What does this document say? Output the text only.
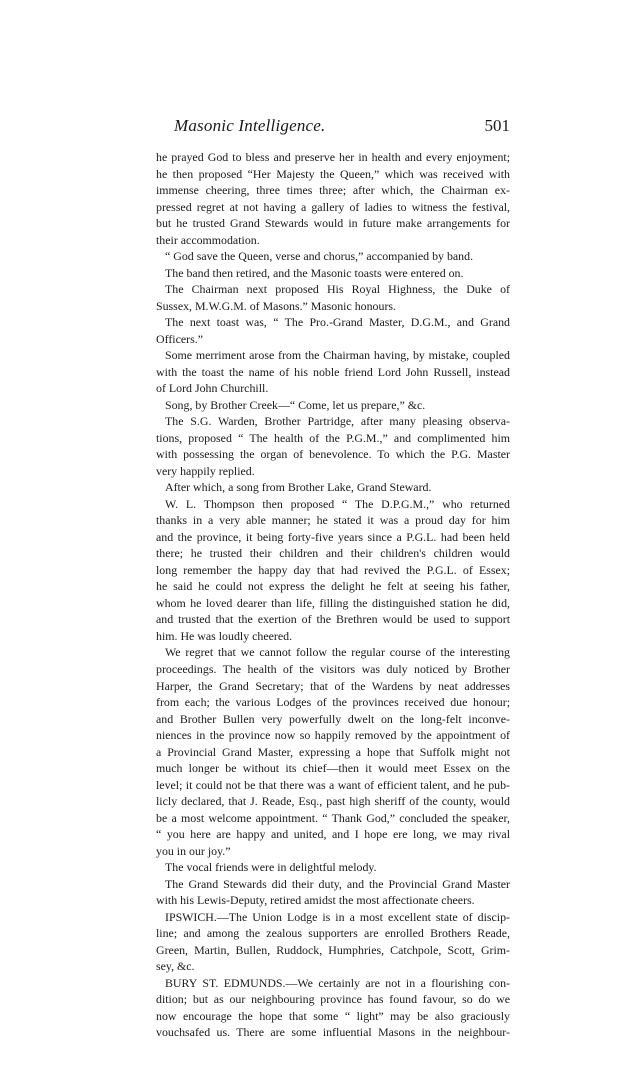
Masonic Intelligence.	501
he prayed God to bless and preserve her in health and every enjoyment;
he then proposed “Her Majesty the Queen,” which was received with
immense cheering, three times three; after which, the Chairman ex-
pressed regret at not having a gallery of ladies to witness the festival,
but he trusted Grand Stewards would in future make arrangements for
their accommodation.
“ God save the Queen, verse and chorus,” accompanied by band.
The band then retired, and the Masonic toasts were entered on.
The Chairman next proposed His Royal Highness, the Duke of
Sussex, M.W.G.M. of Masons.” Masonic honours.
The next toast was, “ The Pro.-Grand Master, D.G.M., and Grand
Officers.”
Some merriment arose from the Chairman having, by mistake, coupled
with the toast the name of his noble friend Lord John Russell, instead
of Lord John Churchill.
Song, by Brother Creek—“ Come, let us prepare,” &c.
The S.G. Warden, Brother Partridge, after many pleasing observa-
tions, proposed “ The health of the P.G.M.,” and complimented him
with possessing the organ of benevolence. To which the P.G. Master
very happily replied.
After which, a song from Brother Lake, Grand Steward.
W. L. Thompson then proposed “ The D.P.G.M.,” who returned
thanks in a very able manner; he stated it was a proud day for him
and the province, it being forty-five years since a P.G.L. had been held
there; he trusted their children and their children's children would
long remember the happy day that had revived the P.G.L. of Essex;
he said he could not express the delight he felt at seeing his father,
whom he loved dearer than life, filling the distinguished station he did,
and trusted that the exertion of the Brethren would be used to support
him. He was loudly cheered.
We regret that we cannot follow the regular course of the interesting
proceedings. The health of the visitors was duly noticed by Brother
Harper, the Grand Secretary; that of the Wardens by neat addresses
from each; the various Lodges of the provinces received due honour;
and Brother Bullen very powerfully dwelt on the long-felt inconve-
niences in the province now so happily removed by the appointment of
a Provincial Grand Master, expressing a hope that Suffolk might not
much longer be without its chief—then it would meet Essex on the
level; it could not be that there was a want of efficient talent, and he pub-
licly declared, that J. Reade, Esq., past high sheriff of the county, would
be a most welcome appointment. “ Thank God,” concluded the speaker,
“ you here are happy and united, and I hope ere long, we may rival
you in our joy.”
The vocal friends were in delightful melody.
The Grand Stewards did their duty, and the Provincial Grand Master
with his Lewis-Deputy, retired amidst the most affectionate cheers.
IPSWICH.—The Union Lodge is in a most excellent state of discip-
line; and among the zealous supporters are enrolled Brothers Reade,
Green, Martin, Bullen, Ruddock, Humphries, Catchpole, Scott, Grim-
sey, &c.
BURY ST. EDMUNDS.—We certainly are not in a flourishing con-
dition; but as our neighbouring province has found favour, so do we
now encourage the hope that some “ light” may be also graciously
vouchsafed us. There are some influential Masons in the neighbour-
